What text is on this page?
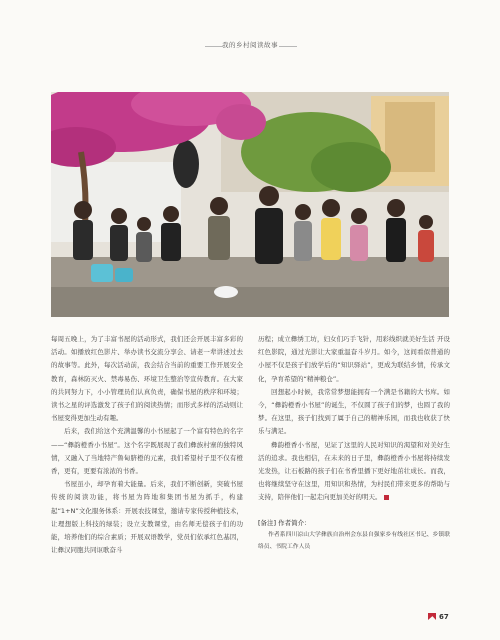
我的乡村阅读故事

每周五晚上，为了丰富书屋的活动形式，我们还会开展丰富多彩的活动。如播放红色影片、举办读书交流分享会、请老一辈讲述过去的故事等。此外，每次活动前，我会结合当前的重要工作开展安全教育，森林防灭火、禁毒易伤、环境卫生整治等宣传教育。在大家的共同努力下，小小管理员们认真负责，确保书屋的秩序和环境；读书之星的评选激发了孩子们的阅读热情；而形式多样的活动则让书屋变得更加生动有趣。

后来，我们给这个充满温馨的小书屋起了一个富有特色的名字——“彝韵橙香小书屋”。这个名字既展现了我们彝族村寨的独特风情，又融入了当地特产鲁甸脐橙的元素，我们希望村子里不仅有橙香，更有，更要有浓浓的书香。

书屋虽小，却孕育着大能量。后来，我们不断创新，突破书屋传统的阅读功能，将书屋为阵地和集团书屋为抓手，构建起“1+N”文化服务体系：开展农技课堂，邀请专家传授种植技术，让理想版上科技的绿装；设立支教课堂，由名师无偿孩子们的功能，培养他们的综合素质；开展双语教学，党员们依承红色基因，让彝汉同胞共同讴歌奋斗

历程；成立彝绣工坊，妇女们巧手飞针，用彩线织就美好生活 开设红色影院，通过光影让大家重温奋斗岁月。如今，这间看似普通的小屋不仅是孩子们放学后的“知识驿站”，更成为联结乡情，传承文化，孕育希望的“精神粮仓”。

回想起小时候，我常常梦想能拥有一个满是书籍的大书库。如今，“彝韵橙香小书屋”的诞生，不仅圆了孩子们的梦，也圆了我的梦。在这里，孩子们找到了属于自己的精神乐园，而我也收获了快乐与满足。

彝韵橙香小书屋，见证了这里的人民对知识的渴望和对美好生活的追求。我也相信，在未来的日子里，彝韵橙香小书屋将持续发光发热，让石板路的孩子们在书香里播下更好地茁壮成长。而我，也将继续坚守在这里，用知识和热情，为村民们带来更多的帮助与支持，陪伴他们一起走向更加美好的明天。

[备注] 作者简介：
作者系四川凉山大学彝族自治州会东县自强家乡有线社区书记、乡镇联络员、书院工作人员
67
